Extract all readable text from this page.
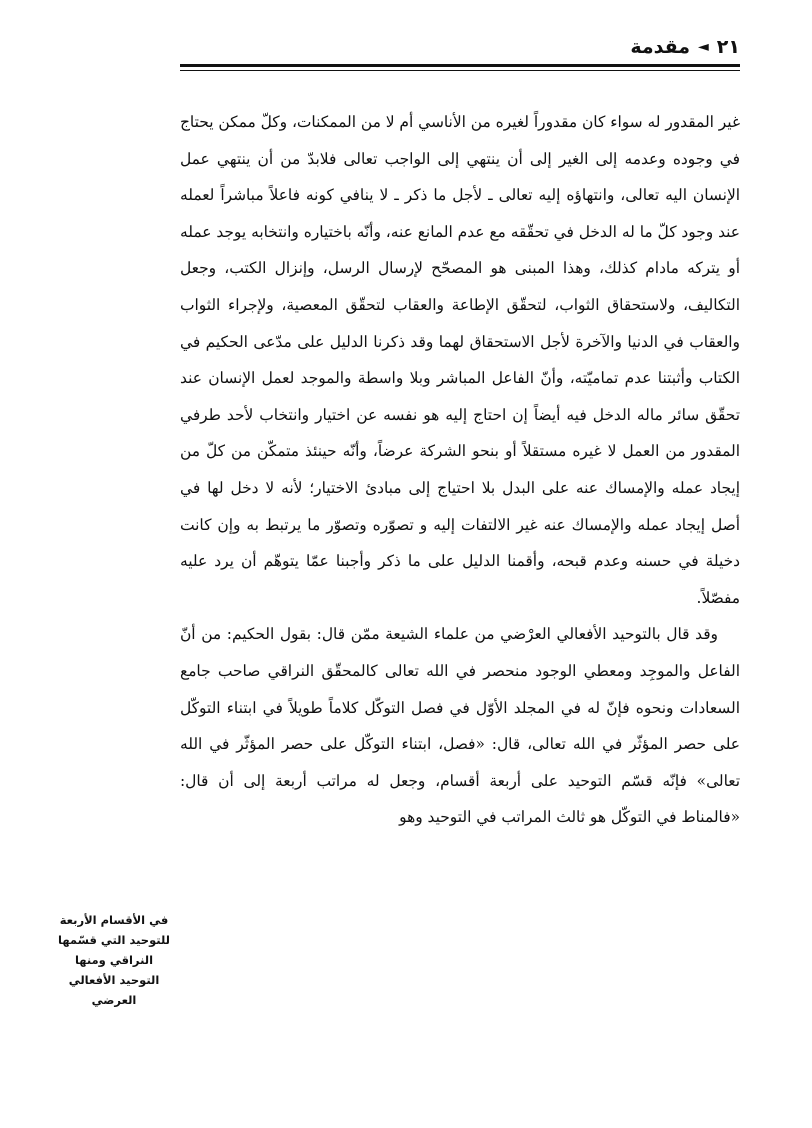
٢١
◄
مقدمة

غير المقدور له سواء كان مقدوراً لغيره من الأناسي أم لا من الممكنات، وكلّ ممكن يحتاج في وجوده وعدمه إلى الغير إلى أن ينتهي إلى الواجب تعالى فلابدّ من أن ينتهي عمل الإنسان اليه تعالى، وانتهاؤه إليه تعالى ـ لأجل ما ذكر ـ لا ينافي كونه فاعلاً مباشراً لعمله عند وجود كلّ ما له الدخل في تحقّقه مع عدم المانع عنه، وأنّه باختياره وانتخابه يوجد عمله أو يتركه مادام كذلك، وهذا المبنى هو المصحّح لإرسال الرسل، وإنزال الكتب، وجعل التكاليف، ولاستحقاق الثواب، لتحقّق الإطاعة والعقاب لتحقّق المعصية، ولإجراء الثواب والعقاب في الدنيا والآخرة لأجل الاستحقاق لهما وقد ذكرنا الدليل على مدّعى الحكيم في الكتاب وأثبتنا عدم تماميّته، وأنّ الفاعل المباشر وبلا واسطة والموجد لعمل الإنسان عند تحقّق سائر ماله الدخل فيه أيضاً إن احتاج إليه هو نفسه عن اختيار وانتخاب لأحد طرفي المقدور من العمل لا غيره مستقلاً أو بنحو الشركة عرضاً، وأنّه حينئذ متمكّن من كلّ من إيجاد عمله والإمساك عنه على البدل بلا احتياج إلى مبادئ الاختيار؛ لأنه لا دخل لها في أصل إيجاد عمله والإمساك عنه غير الالتفات إليه و تصوّره وتصوّر ما يرتبط به وإن كانت دخيلة في حسنه وعدم قبحه، وأقمنا الدليل على ما ذكر وأجبنا عمّا يتوهّم أن يرد عليه مفصّلاً.

وقد قال بالتوحيد الأفعالي العرْضي من علماء الشيعة ممّن قال: بقول الحكيم: من أنّ الفاعل والموجِد ومعطي الوجود منحصر في الله تعالى كالمحقّق النراقي صاحب جامع السعادات ونحوه فإنّ له في المجلد الأوّل في فصل التوكّل كلاماً طويلاً في ابتناء التوكّل على حصر المؤثّر في الله تعالى، قال: «فصل، ابتناء التوكّل على حصر المؤثّر في الله تعالى» فإنّه قسّم التوحيد على أربعة أقسام، وجعل له مراتب أربعة إلى أن قال: «فالمناط في التوكّل هو ثالث المراتب في التوحيد وهو

في الأقسام الأربعة للتوحيد التي قسّمها النراقي ومنها التوحيد الأفعالي العرضي
